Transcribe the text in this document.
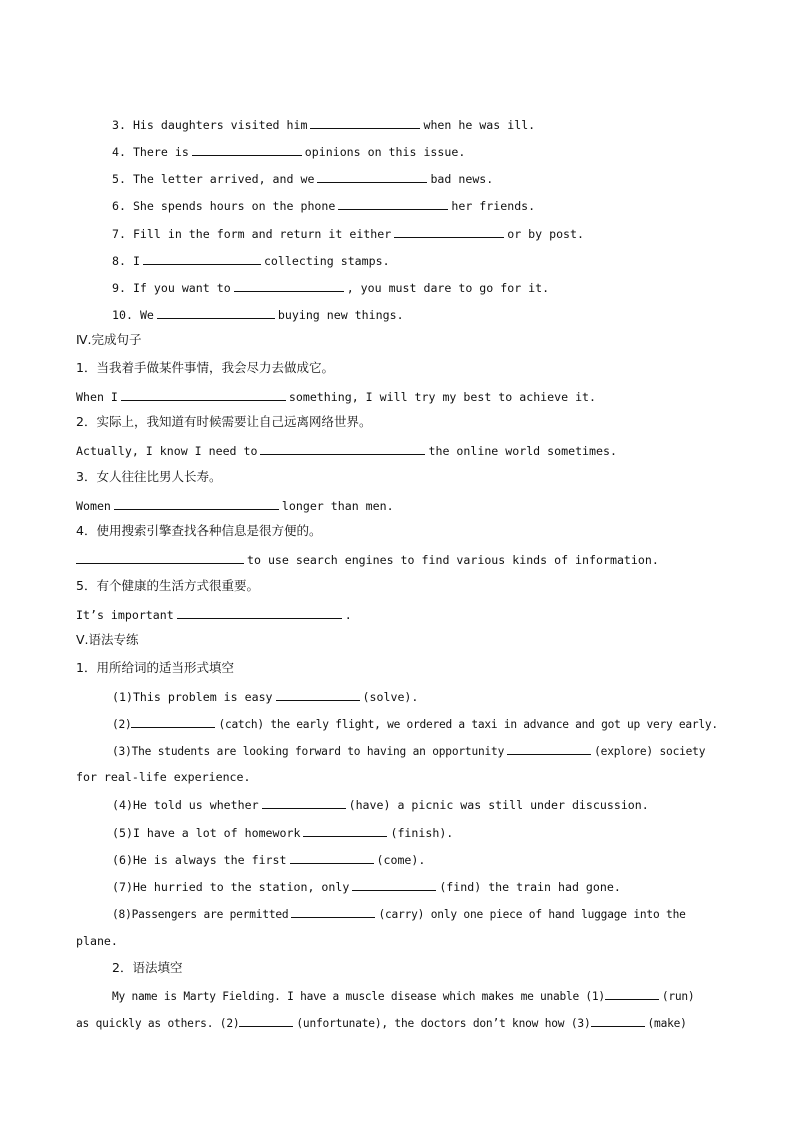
3. His daughters visited him	when he was ill.
4. There is	opinions on this issue.
5. The letter arrived, and we	bad news.
6. She spends hours on the phone	her friends.
7. Fill in the form and return it either	or by post.
8. I	collecting stamps.
9. If you want to	, you must dare to go for it.
10. We	buying new things.
Ⅳ.完成句子
1．当我着手做某件事情，我会尽力去做成它。
When I	something, I will try my best to achieve it.
2．实际上，我知道有时候需要让自己远离网络世界。
Actually, I know I need to	the online world sometimes.
3．女人往往比男人长寿。
Women	longer than men.
4．使用搜索引擎查找各种信息是很方便的。
to use search engines to find various kinds of information.
5．有个健康的生活方式很重要。
It’s important	.
Ⅴ.语法专练
1．用所给词的适当形式填空
(1)This problem is easy	(solve).
(2)	(catch) the early flight, we ordered a taxi in advance and got up very early.
(3)The students are looking forward to having an opportunity	(explore) society
for real-life experience.
(4)He told us whether	(have) a picnic was still under discussion.
(5)I have a lot of homework	(finish).
(6)He is always the first	(come).
(7)He hurried to the station, only	(find) the train had gone.
(8)Passengers are permitted	(carry) only one piece of hand luggage into the
plane.
2．语法填空
My name is Marty Fielding. I have a muscle disease which makes me unable (1)	(run)
as quickly as others. (2)	(unfortunate), the doctors don’t know how (3)	(make)
